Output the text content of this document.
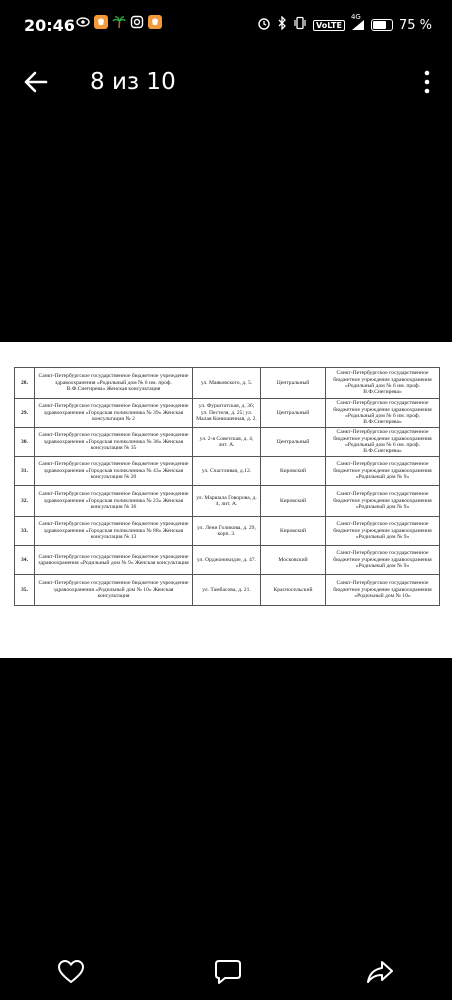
20:46	VoLTE
4G
75 %
8 из 10
28.	Санкт-Петербургское государственное бюджетное учреждение здравоохранения «Родильный дом № 6 им. проф. В.Ф.Снегирева» Женская консультация	ул. Маяковского, д. 5.	Центральный	Санкт-Петербургское государственное бюджетное учреждение здравоохранения «Родильный дом № 6 им. проф. В.Ф.Снегирева»
29.	Санкт-Петербургское государственное бюджетное учреждение здравоохранения «Городская поликлиника № 39» Женская консультация № 2	ул. Фурштатская, д. 36; ул. Пестеля, д. 25; ул. Малая Конюшенная, д. 2.	Центральный	Санкт-Петербургское государственное бюджетное учреждение здравоохранения «Родильный дом № 6 им. проф. В.Ф.Снегирева»
30.	Санкт-Петербургское государственное бюджетное учреждение здравоохранения «Городская поликлиника № 38» Женская консультация № 35	ул. 2-я Советская, д. 4, лит. А.	Центральный	Санкт-Петербургское государственное бюджетное учреждение здравоохранения «Родильный дом № 6 им. проф. В.Ф.Снегирева»
31.	Санкт-Петербургское государственное бюджетное учреждение здравоохранения «Городская поликлиника № 43» Женская консультация № 20	ул. Счастливая, д.12.	Кировский	Санкт-Петербургское государственное бюджетное учреждение здравоохранения «Родильный дом № 9»
32.	Санкт-Петербургское государственное бюджетное учреждение здравоохранения «Городская поликлиника № 23» Женская консультация № 36	ул. Маршала Говорова, д. 4, лит. А.	Кировский	Санкт-Петербургское государственное бюджетное учреждение здравоохранения «Родильный дом № 9»
33.	Санкт-Петербургское государственное бюджетное учреждение здравоохранения «Городская поликлиника № 88» Женская консультация № 13	ул. Лени Голикова, д. 29, корп. 3.	Кировский	Санкт-Петербургское государственное бюджетное учреждение здравоохранения «Родильный дом № 9»
34.	Санкт-Петербургское государственное бюджетное учреждение здравоохранения «Родильный дом № 9» Женская консультация	ул. Орджоникидзе, д. 47.	Московский	Санкт-Петербургское государственное бюджетное учреждение здравоохранения «Родильный дом № 9»
35.	Санкт-Петербургское государственное бюджетное учреждение здравоохранения «Родильный дом № 10» Женская консультация	ул. Тамбасова, д. 21.	Красносельский	Санкт-Петербургское государственное бюджетное учреждение здравоохранения «Родильный дом № 10»
